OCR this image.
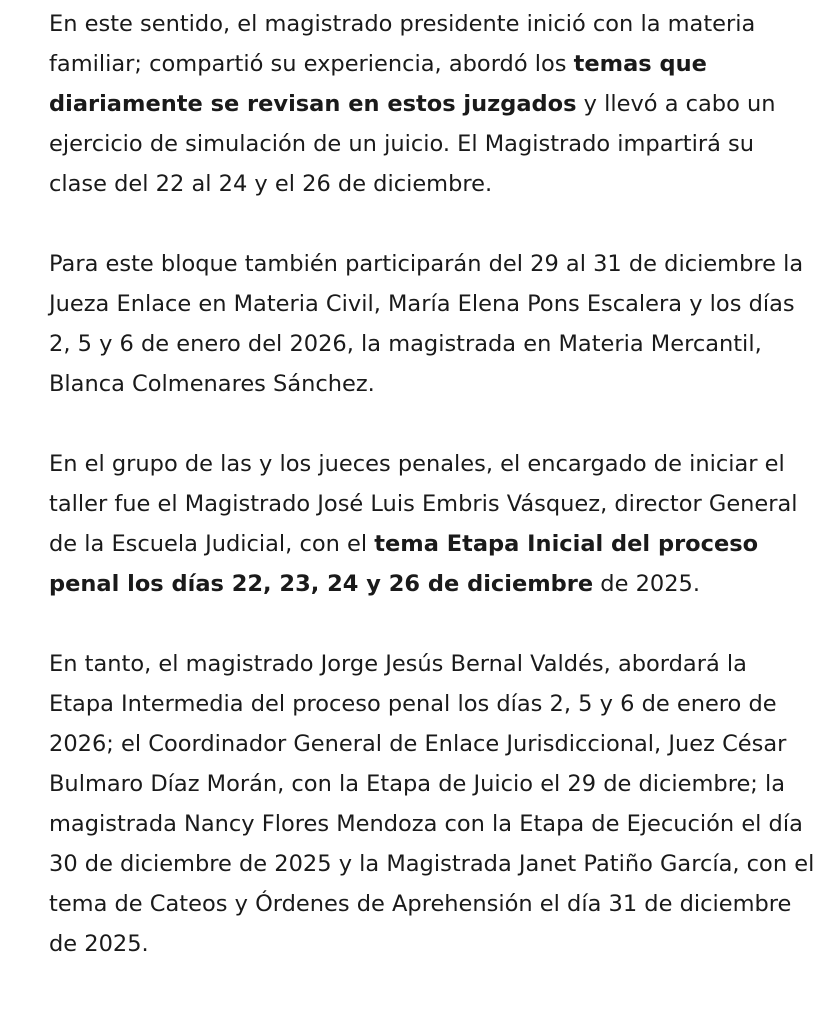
En este sentido, el magistrado presidente inició con la materia familiar; compartió su experiencia, abordó los temas que diariamente se revisan en estos juzgados y llevó a cabo un ejercicio de simulación de un juicio. El Magistrado impartirá su clase del 22 al 24 y el 26 de diciembre.

Para este bloque también participarán del 29 al 31 de diciembre la Jueza Enlace en Materia Civil, María Elena Pons Escalera y los días 2, 5 y 6 de enero del 2026, la magistrada en Materia Mercantil, Blanca Colmenares Sánchez.

En el grupo de las y los jueces penales, el encargado de iniciar el taller fue el Magistrado José Luis Embris Vásquez, director General de la Escuela Judicial, con el tema Etapa Inicial del proceso penal los días 22, 23, 24 y 26 de diciembre de 2025.

En tanto, el magistrado Jorge Jesús Bernal Valdés, abordará la Etapa Intermedia del proceso penal los días 2, 5 y 6 de enero de 2026; el Coordinador General de Enlace Jurisdiccional, Juez César Bulmaro Díaz Morán, con la Etapa de Juicio el 29 de diciembre; la magistrada Nancy Flores Mendoza con la Etapa de Ejecución el día 30 de diciembre de 2025 y la Magistrada Janet Patiño García, con el tema de Cateos y Órdenes de Aprehensión el día 31 de diciembre de 2025.
